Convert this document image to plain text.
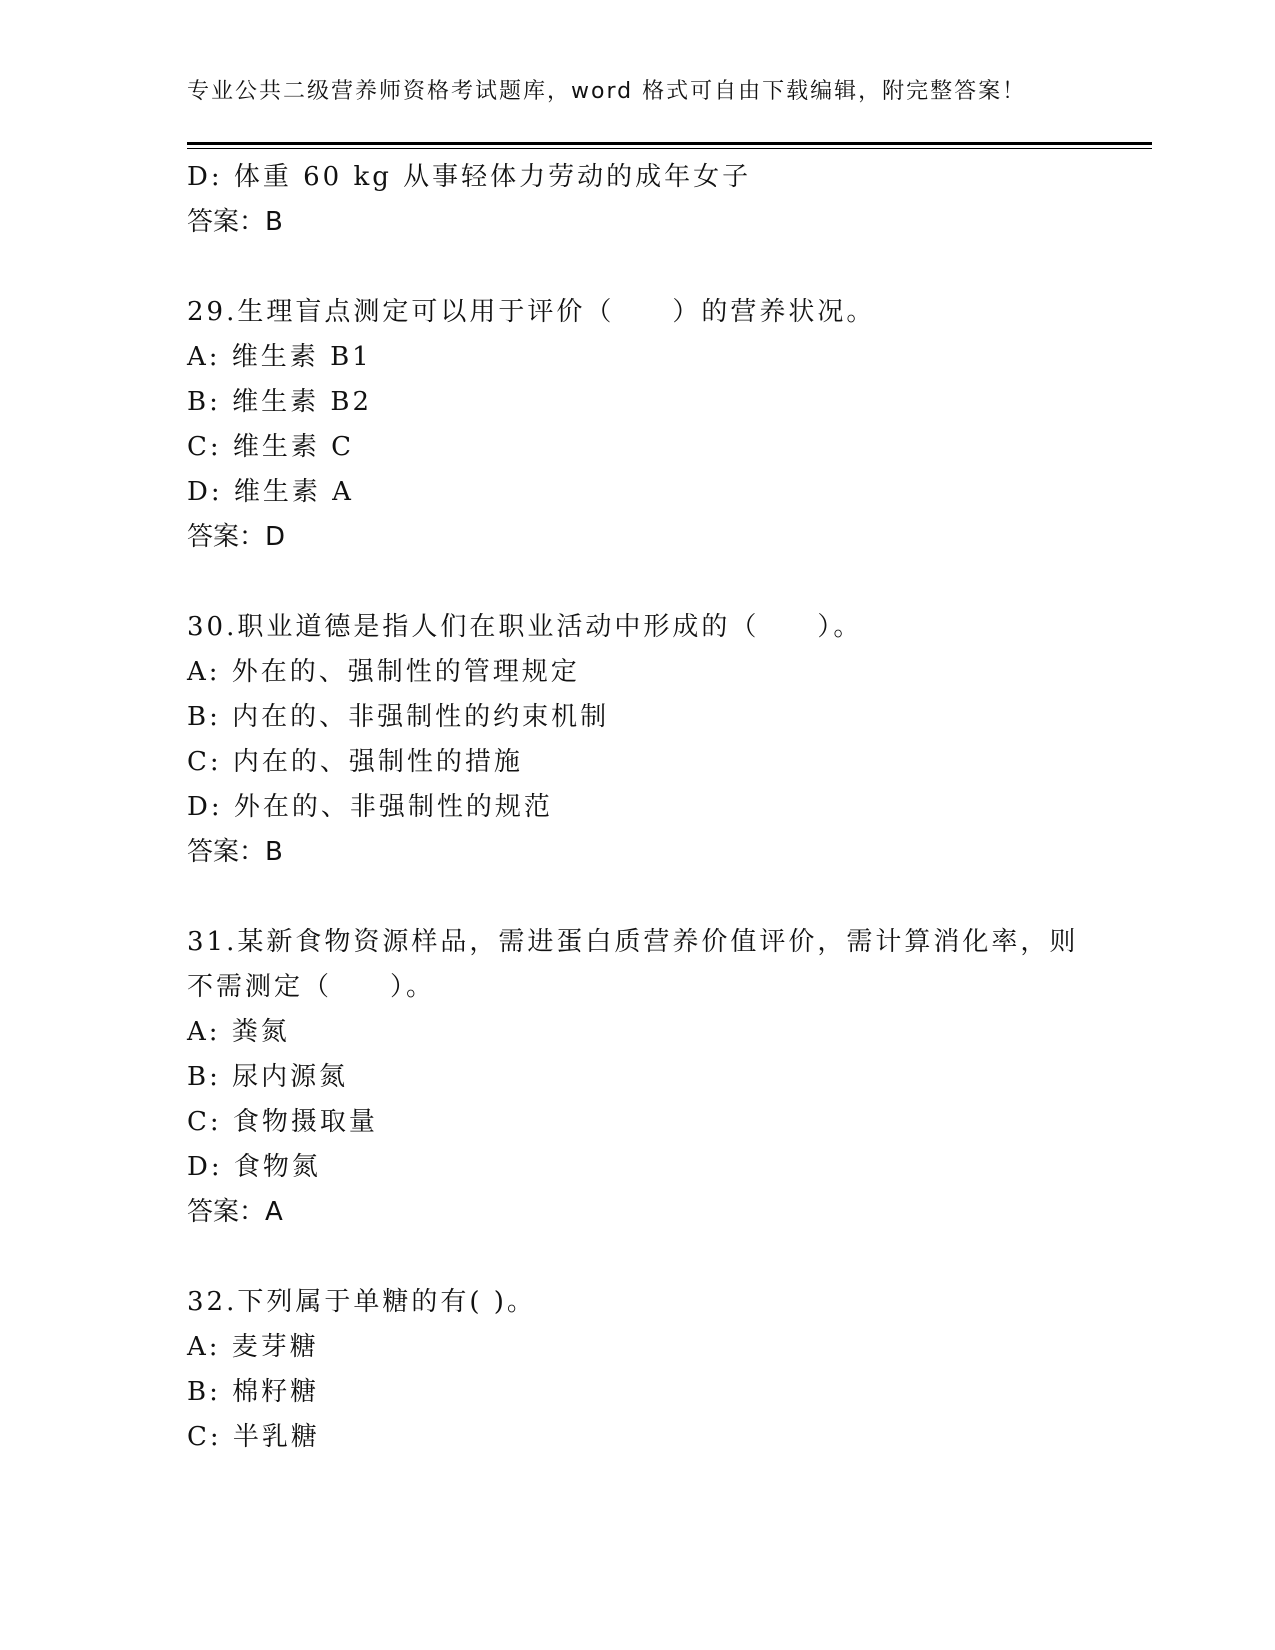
专业公共二级营养师资格考试题库，word 格式可自由下载编辑，附完整答案！
D: 体重 60 kg 从事轻体力劳动的成年女子
答案：B
29.生理盲点测定可以用于评价（　　）的营养状况。
A: 维生素 B1
B: 维生素 B2
C: 维生素 C
D: 维生素 A
答案：D
30.职业道德是指人们在职业活动中形成的（　　）。
A: 外在的、强制性的管理规定
B: 内在的、非强制性的约束机制
C: 内在的、强制性的措施
D: 外在的、非强制性的规范
答案：B
31.某新食物资源样品，需进蛋白质营养价值评价，需计算消化率，则
不需测定（　　）。
A: 粪氮
B: 尿内源氮
C: 食物摄取量
D: 食物氮
答案：A
32.下列属于单糖的有( )。
A: 麦芽糖
B: 棉籽糖
C: 半乳糖
